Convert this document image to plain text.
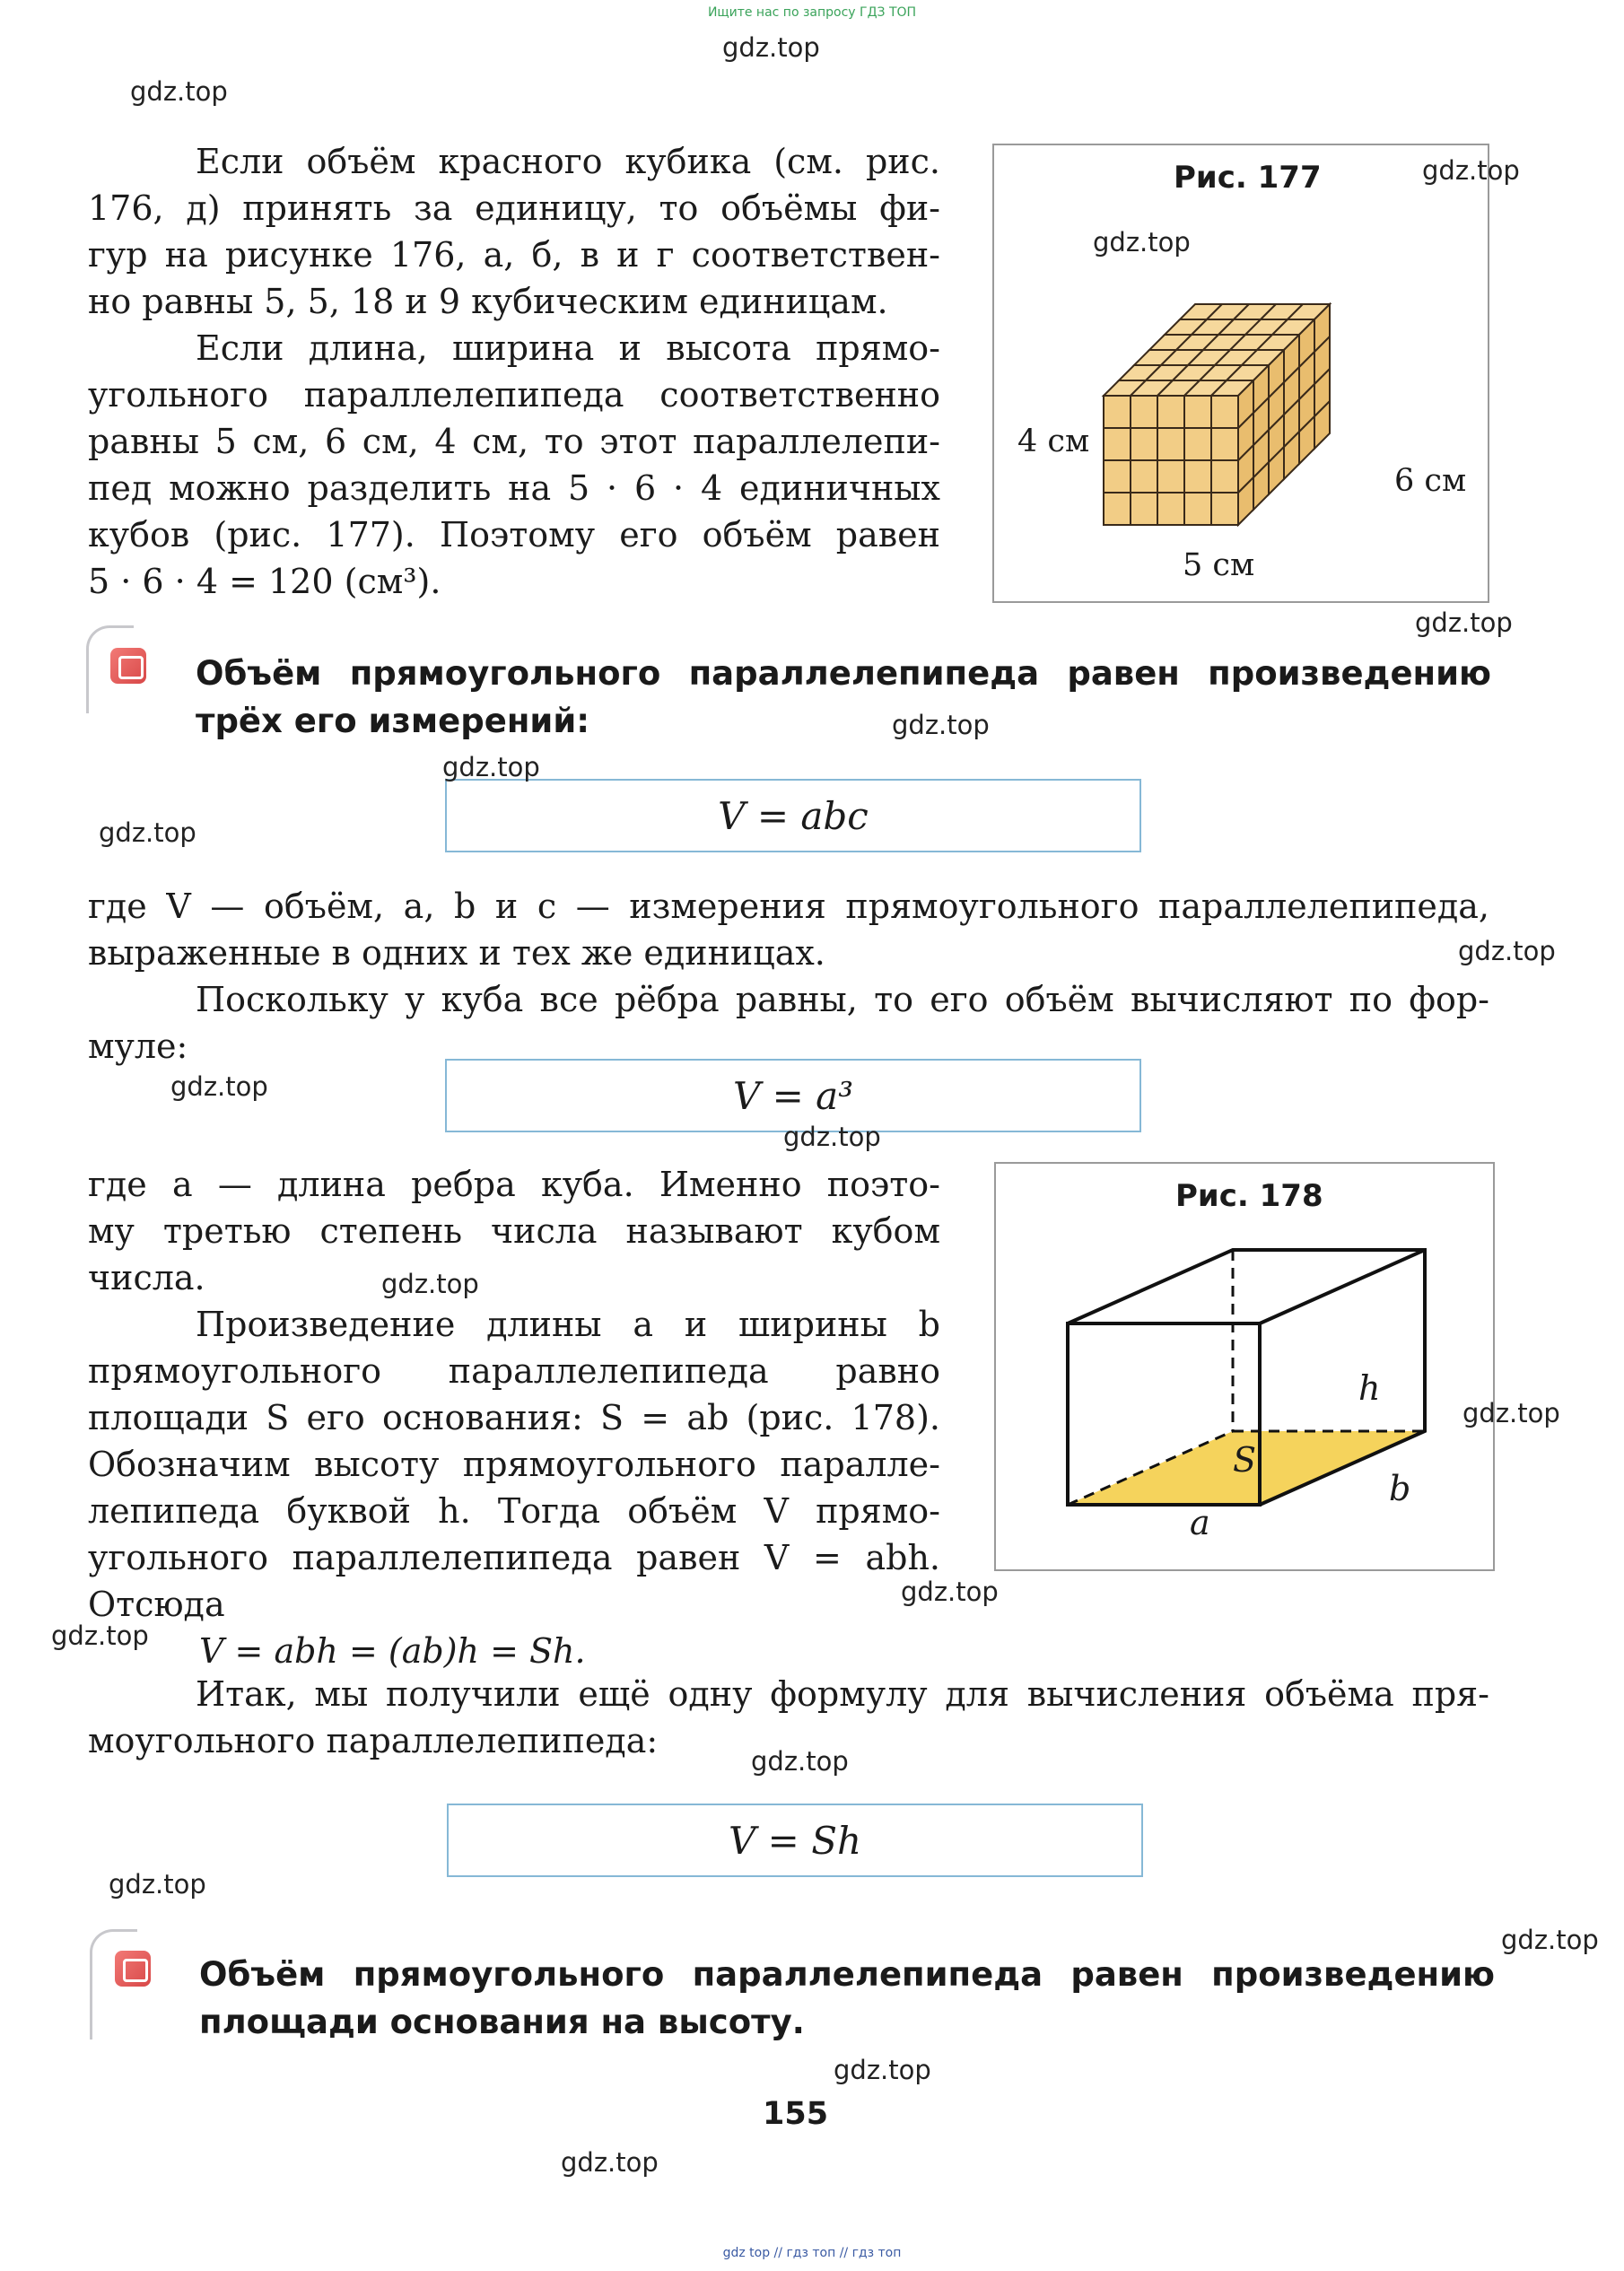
Ищите нас по запросу ГДЗ ТОП

Если объём красного кубика (см. рис.

176, д) принять за единицу, то объёмы фи-

гур на рисунке 176, а, б, в и г соответствен-

но равны 5, 5, 18 и 9 кубическим единицам.

Если длина, ширина и высота прямо-

угольного параллелепипеда соответственно

равны 5 см, 6 см, 4 см, то этот параллелепи-

пед можно разделить на 5 · 6 · 4 единичных

кубов (рис. 177). Поэтому его объём равен

5 · 6 · 4 = 120 (см³).

Рис. 177
4 см
6 см
5 см
Объём прямоугольного параллелепипеда равен произведению
трёх его измерений:
V = abc

где V — объём, a, b и c — измерения прямоугольного параллелепипеда,

выраженные в одних и тех же единицах.

Поскольку у куба все рёбра равны, то его объём вычисляют по фор-

муле:

V = a³

где a — длина ребра куба. Именно поэто-

му третью степень числа называют кубом

числа.

Произведение длины a и ширины b

прямоугольного параллелепипеда равно

площади S его основания: S = ab (рис. 178).

Обозначим высоту прямоугольного паралле-

лепипеда буквой h. Тогда объём V прямо-

угольного параллелепипеда равен V = abh.

Отсюда

V = abh = (ab)h = Sh.

Рис. 178
h
S
b
a

Итак, мы получили ещё одну формулу для вычисления объёма пря-

моугольного параллелепипеда:

V = Sh
Объём прямоугольного параллелепипеда равен произведению
площади основания на высоту.
155
gdz.top
gdz.top
gdz.top
gdz.top
gdz.top
gdz.top
gdz.top
gdz.top
gdz.top
gdz.top
gdz.top
gdz.top
gdz.top
gdz.top
gdz.top
gdz.top
gdz.top
gdz.top
gdz.top
gdz.top
gdz top // гдз топ // гдз топ
